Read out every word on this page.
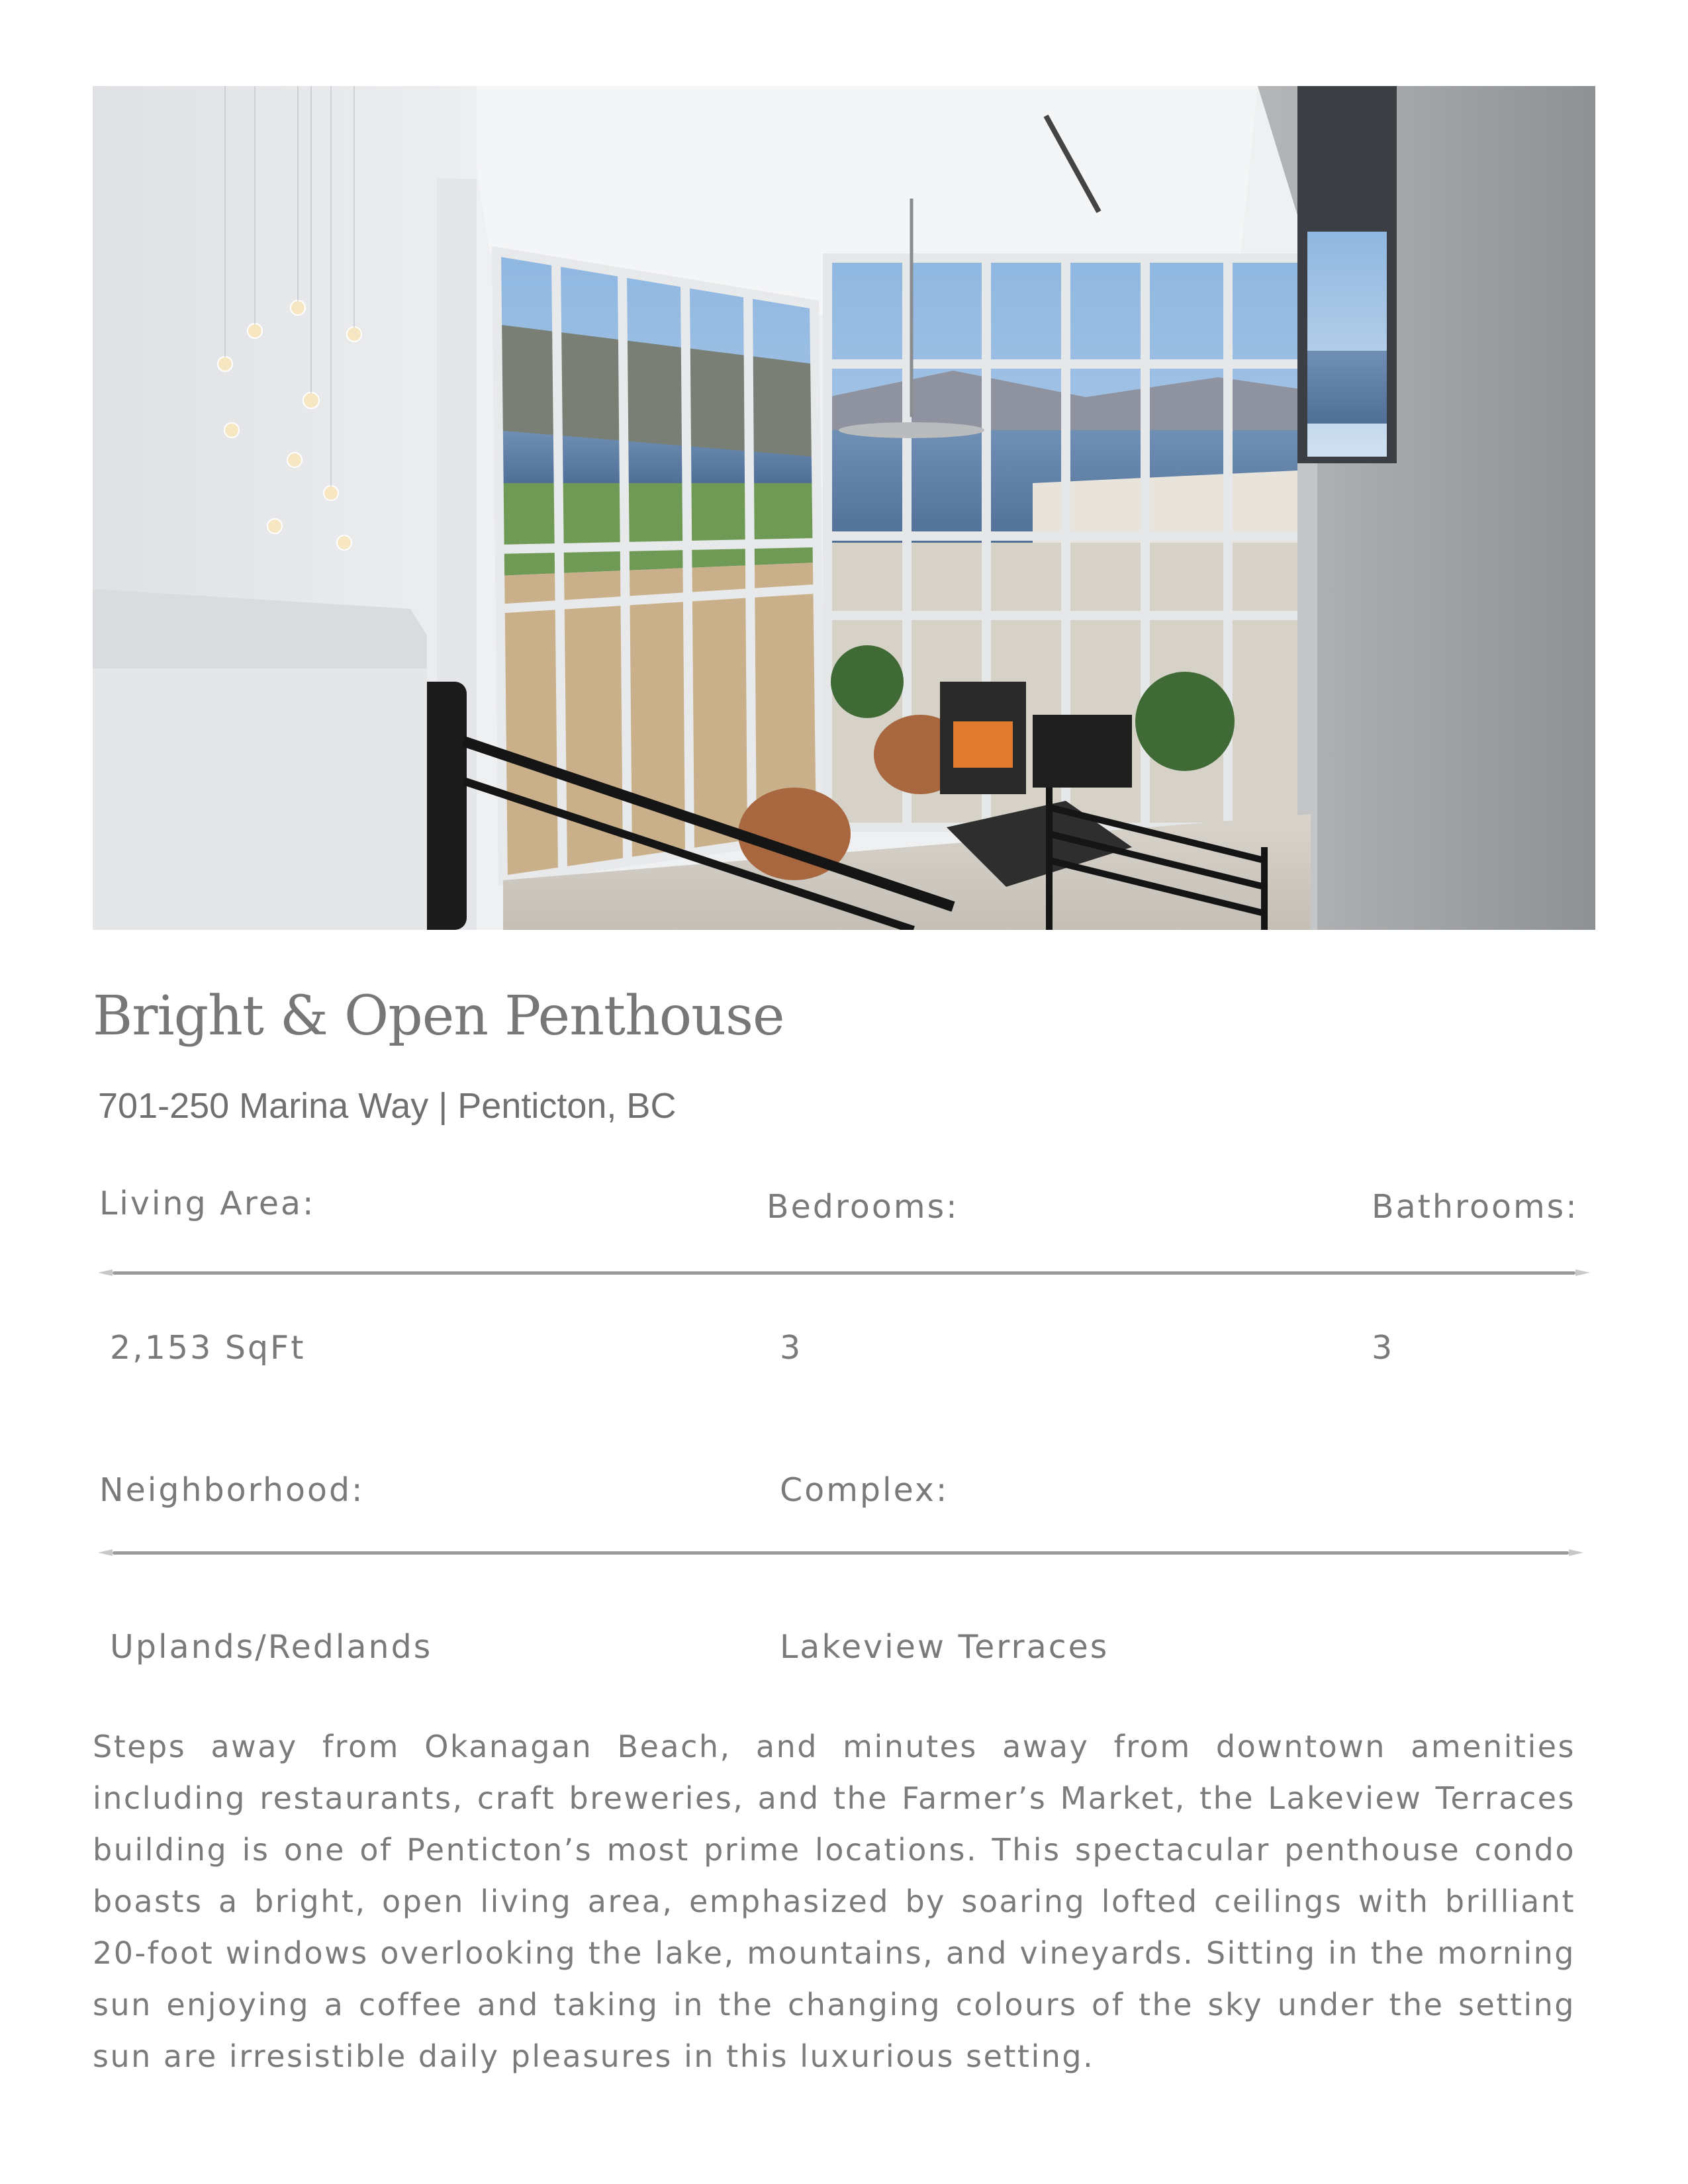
Bright & Open Penthouse
701-250 Marina Way | Penticton, BC
Living Area:	Bedrooms:	Bathrooms:
2,153 SqFt	3	3
Neighborhood:	Complex:
Uplands/Redlands	Lakeview Terraces

Steps away from Okanagan Beach, and minutes away from downtown amenities including restaurants, craft breweries, and the Farmer’s Market, the Lakeview Terraces building is one of Penticton’s most prime locations. This spectacular penthouse condo boasts a bright, open living area, emphasized by soaring lofted ceilings with brilliant 20-foot windows overlooking the lake, mountains, and vineyards. Sitting in the morning sun enjoying a coffee and taking in the changing colours of the sky under the setting sun are irresistible daily pleasures in this luxurious setting.
